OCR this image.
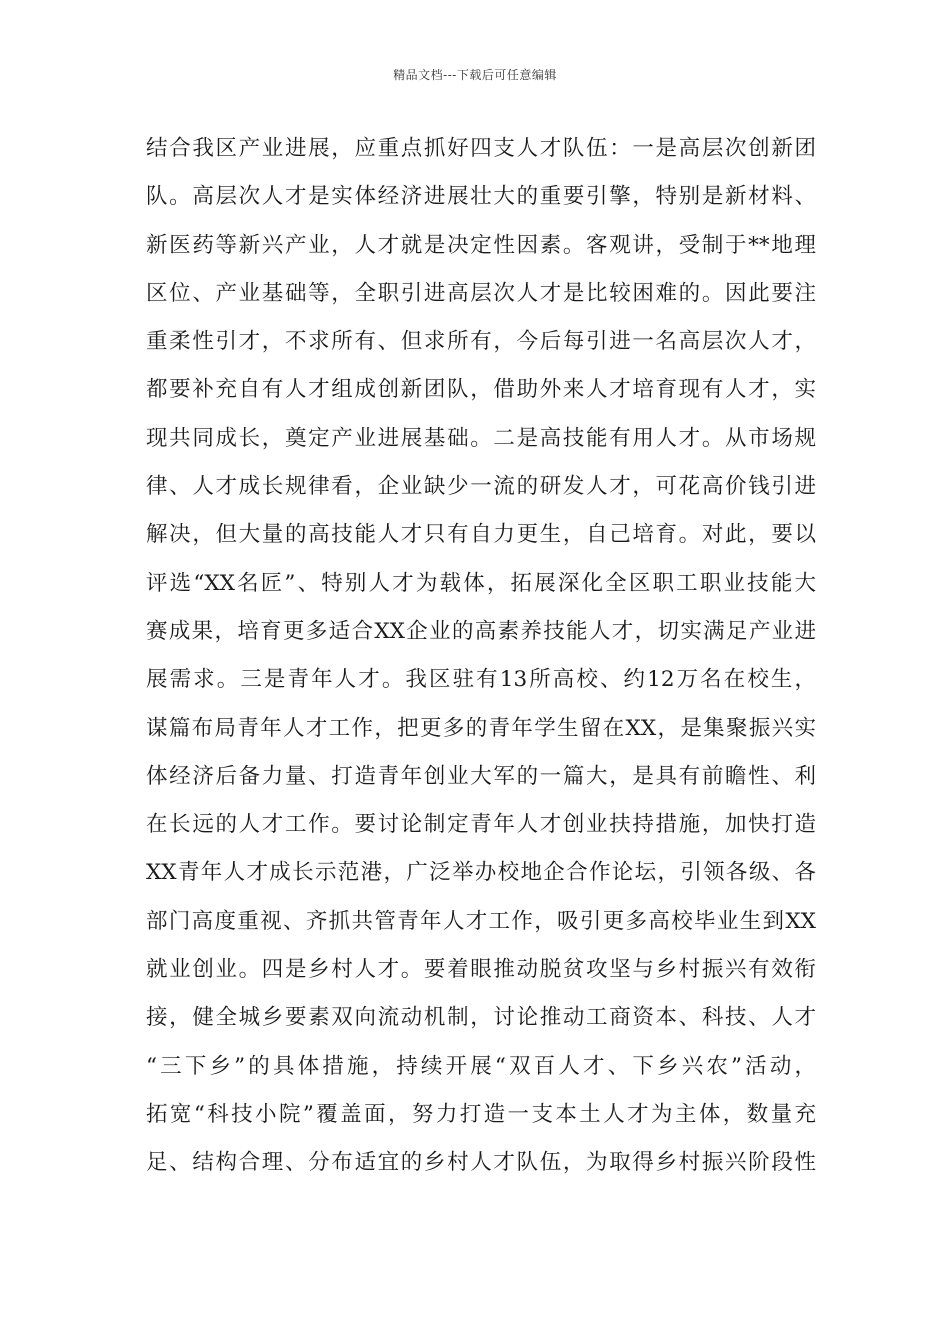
精品文档---下载后可任意编辑
结合我区产业进展，应重点抓好四支人才队伍：一是高层次创新团
队。高层次人才是实体经济进展壮大的重要引擎，特别是新材料、
新医药等新兴产业，人才就是决定性因素。客观讲，受制于**地理
区位、产业基础等，全职引进高层次人才是比较困难的。因此要注
重柔性引才，不求所有、但求所有，今后每引进一名高层次人才，
都要补充自有人才组成创新团队，借助外来人才培育现有人才，实
现共同成长，奠定产业进展基础。二是高技能有用人才。从市场规
律、人才成长规律看，企业缺少一流的研发人才，可花高价钱引进
解决，但大量的高技能人才只有自力更生，自己培育。对此，要以
评选“XX名匠”、特别人才为载体，拓展深化全区职工职业技能大
赛成果，培育更多适合XX企业的高素养技能人才，切实满足产业进
展需求。三是青年人才。我区驻有13所高校、约12万名在校生，
谋篇布局青年人才工作，把更多的青年学生留在XX，是集聚振兴实
体经济后备力量、打造青年创业大军的一篇大，是具有前瞻性、利
在长远的人才工作。要讨论制定青年人才创业扶持措施，加快打造
XX青年人才成长示范港，广泛举办校地企合作论坛，引领各级、各
部门高度重视、齐抓共管青年人才工作，吸引更多高校毕业生到XX
就业创业。四是乡村人才。要着眼推动脱贫攻坚与乡村振兴有效衔
接，健全城乡要素双向流动机制，讨论推动工商资本、科技、人才
“三下乡”的具体措施，持续开展“双百人才、下乡兴农”活动，
拓宽“科技小院”覆盖面，努力打造一支本土人才为主体，数量充
足、结构合理、分布适宜的乡村人才队伍，为取得乡村振兴阶段性
